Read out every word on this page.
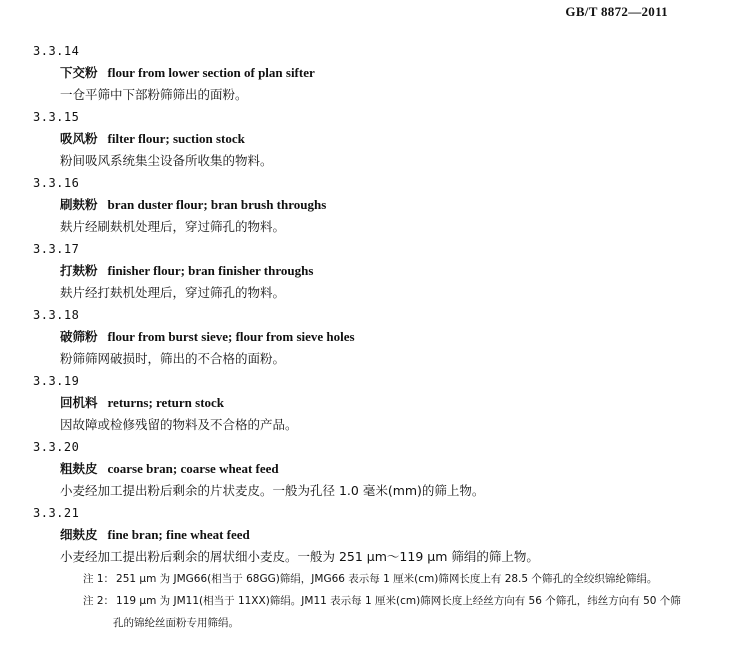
GB/T 8872—2011
3.3.14
下交粉 flour from lower section of plan sifter
一仓平筛中下部粉筛筛出的面粉。
3.3.15
吸风粉 filter flour; suction stock
粉间吸风系统集尘设备所收集的物料。
3.3.16
刷麸粉 bran duster flour; bran brush throughs
麸片经刷麸机处理后，穿过筛孔的物料。
3.3.17
打麸粉 finisher flour; bran finisher throughs
麸片经打麸机处理后，穿过筛孔的物料。
3.3.18
破筛粉 flour from burst sieve; flour from sieve holes
粉筛筛网破损时，筛出的不合格的面粉。
3.3.19
回机料 returns; return stock
因故障或检修残留的物料及不合格的产品。
3.3.20
粗麸皮 coarse bran; coarse wheat feed
小麦经加工提出粉后剩余的片状麦皮。一般为孔径 1.0 毫米(mm)的筛上物。
3.3.21
细麸皮 fine bran; fine wheat feed
小麦经加工提出粉后剩余的屑状细小麦皮。一般为 251 μm～119 μm 筛绢的筛上物。
注 1： 251 μm 为 JMG66(相当于 68GG)筛绢，JMG66 表示每 1 厘米(cm)筛网长度上有 28.5 个筛孔的全绞织锦纶筛绢。
注 2： 119 μm 为 JM11(相当于 11XX)筛绢。JM11 表示每 1 厘米(cm)筛网长度上经丝方向有 56 个筛孔，纬丝方向有 50 个筛孔的锦纶丝面粉专用筛绢。
